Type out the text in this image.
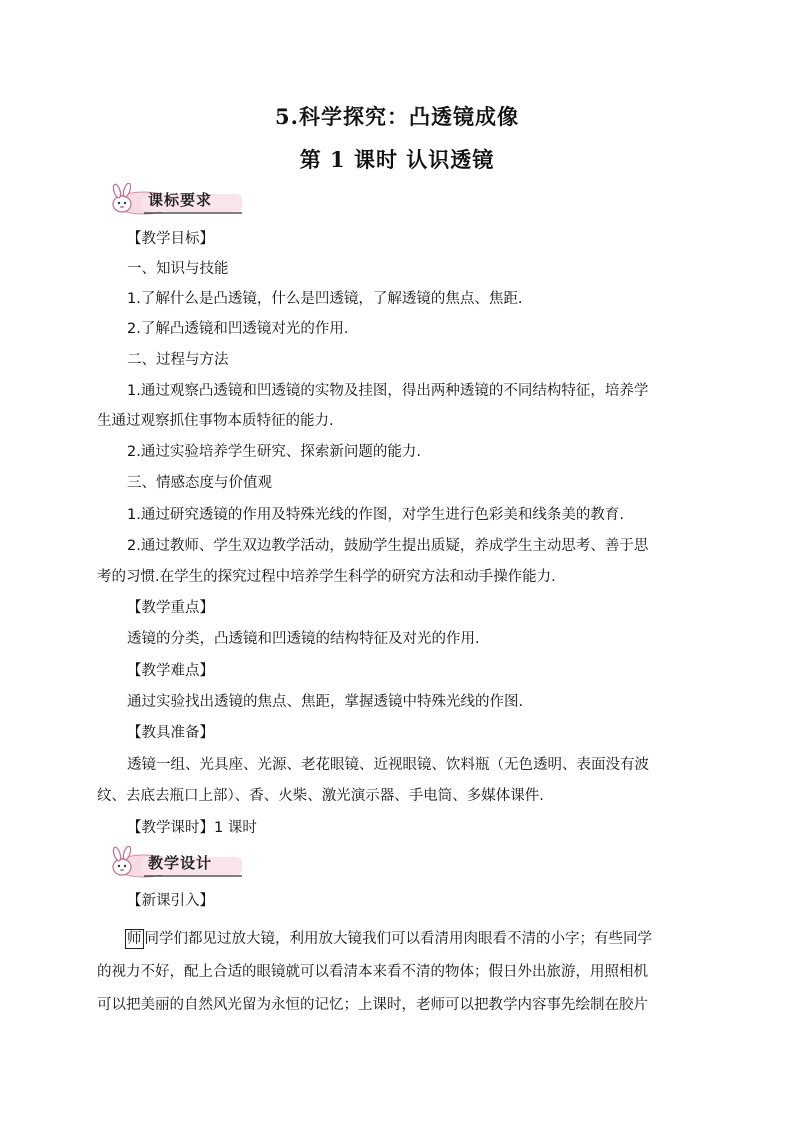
5.科学探究：凸透镜成像
第 1 课时 认识透镜
课标要求
【教学目标】
一、知识与技能
1.了解什么是凸透镜，什么是凹透镜，了解透镜的焦点、焦距.
2.了解凸透镜和凹透镜对光的作用.
二、过程与方法
1.通过观察凸透镜和凹透镜的实物及挂图，得出两种透镜的不同结构特征，培养学
生通过观察抓住事物本质特征的能力.
2.通过实验培养学生研究、探索新问题的能力.
三、情感态度与价值观
1.通过研究透镜的作用及特殊光线的作图，对学生进行色彩美和线条美的教育.
2.通过教师、学生双边教学活动，鼓励学生提出质疑，养成学生主动思考、善于思
考的习惯.在学生的探究过程中培养学生科学的研究方法和动手操作能力.
【教学重点】
透镜的分类，凸透镜和凹透镜的结构特征及对光的作用.
【教学难点】
通过实验找出透镜的焦点、焦距，掌握透镜中特殊光线的作图.
【教具准备】
透镜一组、光具座、光源、老花眼镜、近视眼镜、饮料瓶（无色透明、表面没有波
纹、去底去瓶口上部）、香、火柴、激光演示器、手电筒、多媒体课件.
【教学课时】1 课时
教学设计
【新课引入】
师 同学们都见过放大镜，利用放大镜我们可以看清用肉眼看不清的小字；有些同学
的视力不好，配上合适的眼镜就可以看清本来看不清的物体；假日外出旅游，用照相机
可以把美丽的自然风光留为永恒的记忆；上课时，老师可以把教学内容事先绘制在胶片
